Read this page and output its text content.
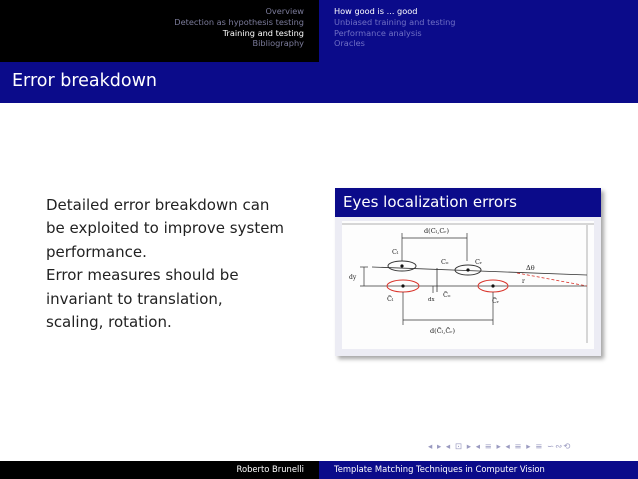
Overview
Detection as hypothesis testing
Training and testing
Bibliography
How good is ... good
Unbiased training and testing
Performance analysis
Oracles
Error breakdown

Detailed error breakdown can

be exploited to improve system

performance.

Error measures should be

invariant to translation,

scaling, rotation.

Eyes localization errors
d(Cₗ,Cᵣ)
dy
Cₗ
Cₒ	Cᵣ
C̃ₗ	C̃ₒ
C̃ᵣ
dx
Δθ
r
d(C̃ₗ,C̃ᵣ)
◂ ▸ ◂ ⊡ ▸ ◂ ≡ ▸ ◂ ≡ ▸ ≡ ∽∾⟲
Roberto Brunelli	Template Matching Techniques in Computer Vision
